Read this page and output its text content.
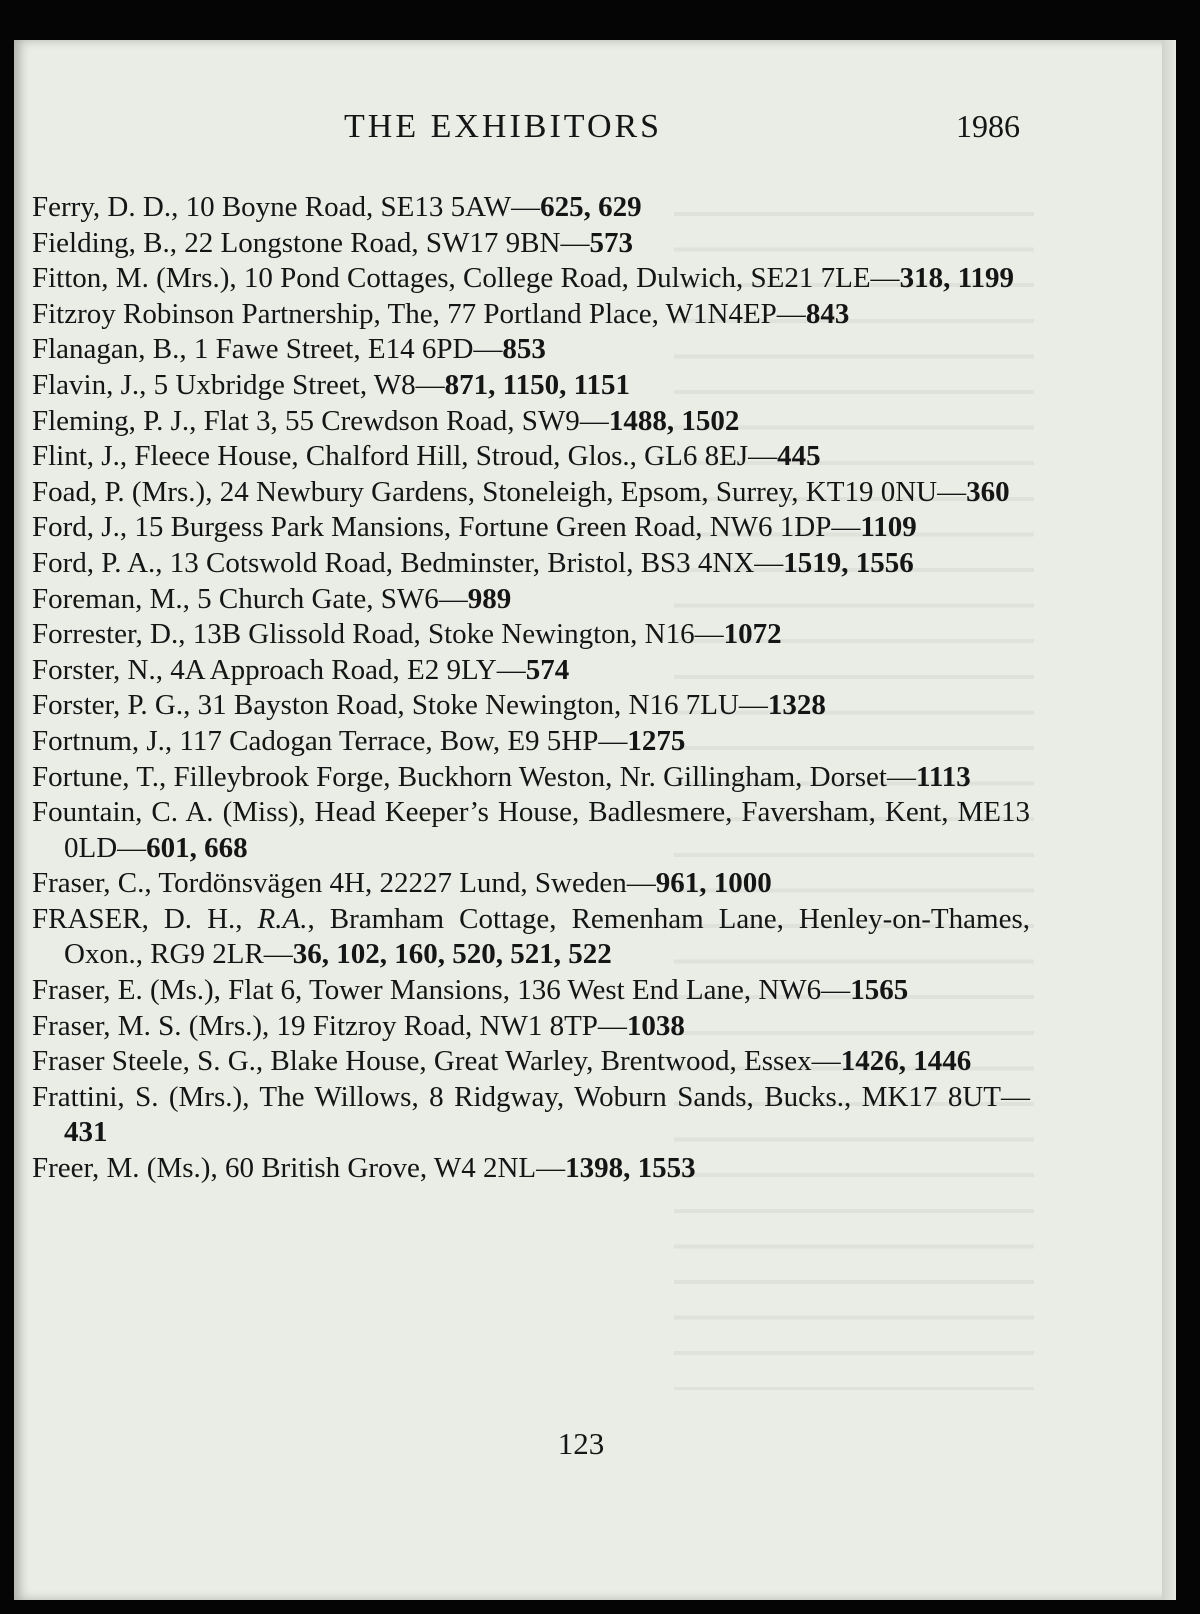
THE EXHIBITORS	1986
Ferry, D. D., 10 Boyne Road, SE13 5AW—625, 629
Fielding, B., 22 Longstone Road, SW17 9BN—573
Fitton, M. (Mrs.), 10 Pond Cottages, College Road, Dulwich, SE21 7LE—318, 1199
Fitzroy Robinson Partnership, The, 77 Portland Place, W1N4EP—843
Flanagan, B., 1 Fawe Street, E14 6PD—853
Flavin, J., 5 Uxbridge Street, W8—871, 1150, 1151
Fleming, P. J., Flat 3, 55 Crewdson Road, SW9—1488, 1502
Flint, J., Fleece House, Chalford Hill, Stroud, Glos., GL6 8EJ—445
Foad, P. (Mrs.), 24 Newbury Gardens, Stoneleigh, Epsom, Surrey, KT19 0NU—360
Ford, J., 15 Burgess Park Mansions, Fortune Green Road, NW6 1DP—1109
Ford, P. A., 13 Cotswold Road, Bedminster, Bristol, BS3 4NX—1519, 1556
Foreman, M., 5 Church Gate, SW6—989
Forrester, D., 13B Glissold Road, Stoke Newington, N16—1072
Forster, N., 4A Approach Road, E2 9LY—574
Forster, P. G., 31 Bayston Road, Stoke Newington, N16 7LU—1328
Fortnum, J., 117 Cadogan Terrace, Bow, E9 5HP—1275
Fortune, T., Filleybrook Forge, Buckhorn Weston, Nr. Gillingham, Dorset—1113
Fountain, C. A. (Miss), Head Keeper’s House, Badlesmere, Faversham, Kent, ME13 0LD—601, 668
Fraser, C., Tordönsvägen 4H, 22227 Lund, Sweden—961, 1000
FRASER, D. H., R.A., Bramham Cottage, Remenham Lane, Henley-on-Thames, Oxon., RG9 2LR—36, 102, 160, 520, 521, 522
Fraser, E. (Ms.), Flat 6, Tower Mansions, 136 West End Lane, NW6—1565
Fraser, M. S. (Mrs.), 19 Fitzroy Road, NW1 8TP—1038
Fraser Steele, S. G., Blake House, Great Warley, Brentwood, Essex—1426, 1446
Frattini, S. (Mrs.), The Willows, 8 Ridgway, Woburn Sands, Bucks., MK17 8UT—431
Freer, M. (Ms.), 60 British Grove, W4 2NL—1398, 1553
123
